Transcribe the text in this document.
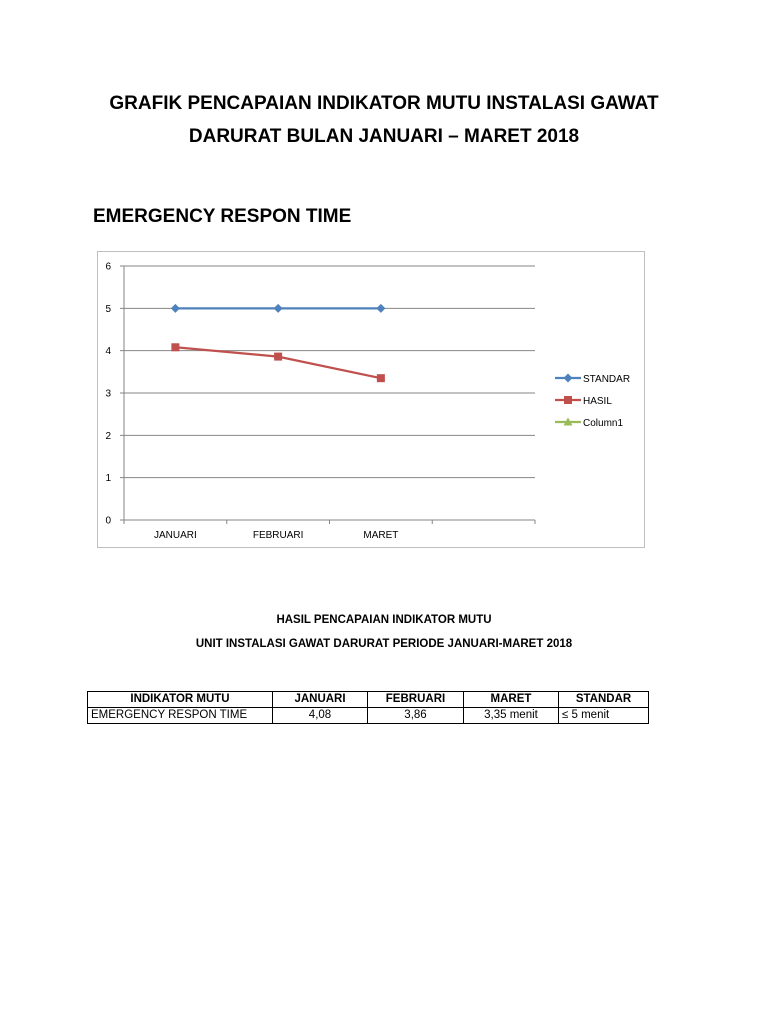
GRAFIK PENCAPAIAN INDIKATOR MUTU INSTALASI GAWAT
DARURAT BULAN JANUARI – MARET 2018
EMERGENCY RESPON TIME
0
1
2
3
4
5
6
JANUARI	FEBRUARI	MARET
STANDAR
HASIL
Column1
HASIL PENCAPAIAN INDIKATOR MUTU
UNIT INSTALASI GAWAT DARURAT PERIODE JANUARI-MARET 2018
INDIKATOR MUTU	JANUARI	FEBRUARI	MARET	STANDAR
EMERGENCY RESPON TIME	4,08	3,86	3,35 menit	≤ 5 menit
